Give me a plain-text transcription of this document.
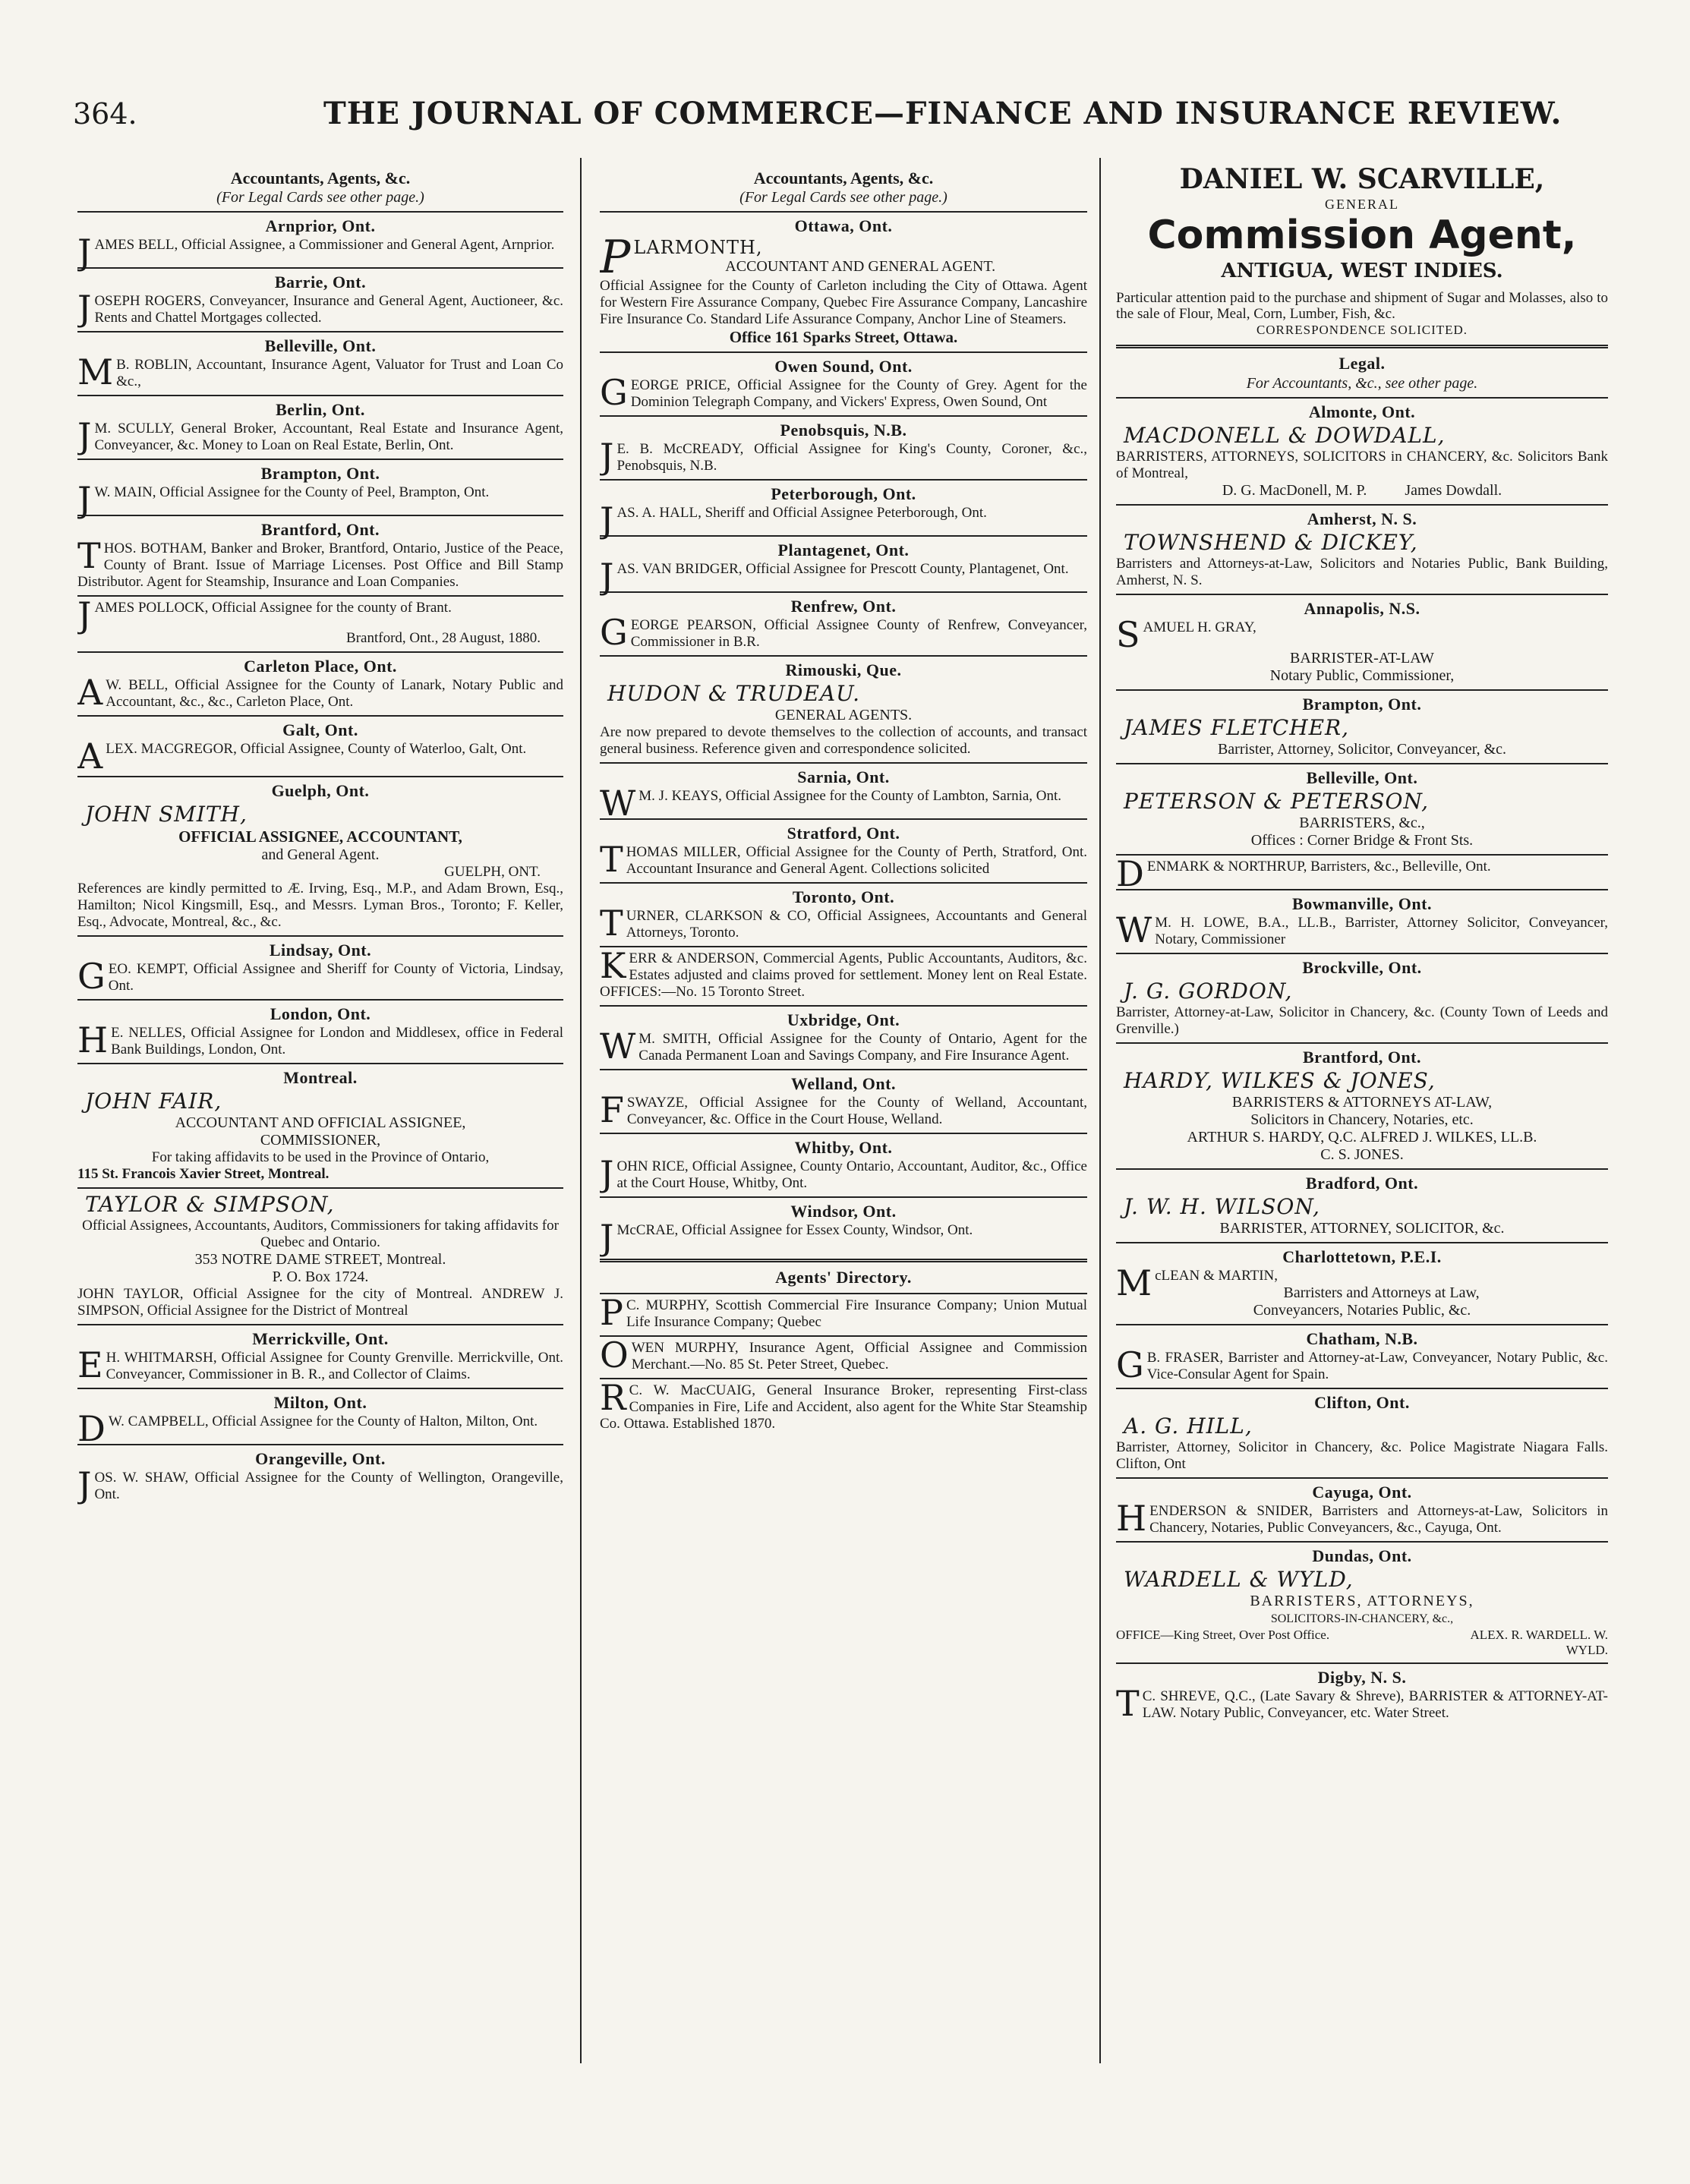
364.	THE JOURNAL OF COMMERCE—FINANCE AND INSURANCE REVIEW.
Accountants, Agents, &c.
(For Legal Cards see other page.)
Arnprior, Ont.
JAMES BELL, Official Assignee, a Commissioner and General Agent, Arnprior.
Barrie, Ont.
JOSEPH ROGERS, Conveyancer, Insurance and General Agent, Auctioneer, &c. Rents and Chattel Mortgages collected.
Belleville, Ont.
M B. ROBLIN, Accountant, Insurance Agent, Valuator for Trust and Loan Co &c.,
Berlin, Ont.
J M. SCULLY, General Broker, Accountant, Real Estate and Insurance Agent, Conveyancer, &c. Money to Loan on Real Estate, Berlin, Ont.
Brampton, Ont.
J W. MAIN, Official Assignee for the County of Peel, Brampton, Ont.
Brantford, Ont.
THOS. BOTHAM, Banker and Broker, Brantford, Ontario, Justice of the Peace, County of Brant. Issue of Marriage Licenses. Post Office and Bill Stamp Distributor. Agent for Steamship, Insurance and Loan Companies.
JAMES POLLOCK, Official Assignee for the county of Brant.
Brantford, Ont., 28 August, 1880.
Carleton Place, Ont.
A W. BELL, Official Assignee for the County of Lanark, Notary Public and Accountant, &c., &c., Carleton Place, Ont.
Galt, Ont.
ALEX. MACGREGOR, Official Assignee, County of Waterloo, Galt, Ont.
Guelph, Ont.
JOHN SMITH,
OFFICIAL ASSIGNEE, ACCOUNTANT,
and General Agent.
GUELPH, ONT.
References are kindly permitted to Æ. Irving, Esq., M.P., and Adam Brown, Esq., Hamilton; Nicol Kingsmill, Esq., and Messrs. Lyman Bros., Toronto; F. Keller, Esq., Advocate, Montreal, &c., &c.
Lindsay, Ont.
GEO. KEMPT, Official Assignee and Sheriff for County of Victoria, Lindsay, Ont.
London, Ont.
H E. NELLES, Official Assignee for London and Middlesex, office in Federal Bank Buildings, London, Ont.
Montreal.
JOHN FAIR,
ACCOUNTANT AND OFFICIAL ASSIGNEE,
COMMISSIONER,
For taking affidavits to be used in the Province of Ontario,
115 St. Francois Xavier Street, Montreal.
TAYLOR & SIMPSON,
Official Assignees, Accountants, Auditors, Commissioners for taking affidavits for Quebec and Ontario.
353 NOTRE DAME STREET, Montreal.
P. O. Box 1724.
JOHN TAYLOR, Official Assignee for the city of Montreal. ANDREW J. SIMPSON, Official Assignee for the District of Montreal
Merrickville, Ont.
E H. WHITMARSH, Official Assignee for County Grenville. Merrickville, Ont. Conveyancer, Commissioner in B. R., and Collector of Claims.
Milton, Ont.
D W. CAMPBELL, Official Assignee for the County of Halton, Milton, Ont.
Orangeville, Ont.
JOS. W. SHAW, Official Assignee for the County of Wellington, Orangeville, Ont.
Accountants, Agents, &c.
(For Legal Cards see other page.)
Ottawa, Ont.
P LARMONTH,
ACCOUNTANT AND GENERAL AGENT.
Official Assignee for the County of Carleton including the City of Ottawa. Agent for Western Fire Assurance Company, Quebec Fire Assurance Company, Lancashire Fire Insurance Co. Standard Life Assurance Company, Anchor Line of Steamers.
Office 161 Sparks Street, Ottawa.
Owen Sound, Ont.
GEORGE PRICE, Official Assignee for the County of Grey. Agent for the Dominion Telegraph Company, and Vickers' Express, Owen Sound, Ont
Penobsquis, N.B.
J E. B. McCREADY, Official Assignee for King's County, Coroner, &c., Penobsquis, N.B.
Peterborough, Ont.
JAS. A. HALL, Sheriff and Official Assignee Peterborough, Ont.
Plantagenet, Ont.
JAS. VAN BRIDGER, Official Assignee for Prescott County, Plantagenet, Ont.
Renfrew, Ont.
GEORGE PEARSON, Official Assignee County of Renfrew, Conveyancer, Commissioner in B.R.
Rimouski, Que.
HUDON & TRUDEAU.
GENERAL AGENTS.
Are now prepared to devote themselves to the collection of accounts, and transact general business. Reference given and correspondence solicited.
Sarnia, Ont.
W M. J. KEAYS, Official Assignee for the County of Lambton, Sarnia, Ont.
Stratford, Ont.
THOMAS MILLER, Official Assignee for the County of Perth, Stratford, Ont. Accountant Insurance and General Agent. Collections solicited
Toronto, Ont.
TURNER, CLARKSON & CO, Official Assignees, Accountants and General Attorneys, Toronto.
KERR & ANDERSON, Commercial Agents, Public Accountants, Auditors, &c. Estates adjusted and claims proved for settlement. Money lent on Real Estate. OFFICES:—No. 15 Toronto Street.
Uxbridge, Ont.
W M. SMITH, Official Assignee for the County of Ontario, Agent for the Canada Permanent Loan and Savings Company, and Fire Insurance Agent.
Welland, Ont.
FSWAYZE, Official Assignee for the County of Welland, Accountant, Conveyancer, &c. Office in the Court House, Welland.
Whitby, Ont.
JOHN RICE, Official Assignee, County Ontario, Accountant, Auditor, &c., Office at the Court House, Whitby, Ont.
Windsor, Ont.
J McCRAE, Official Assignee for Essex County, Windsor, Ont.
Agents' Directory.
P C. MURPHY, Scottish Commercial Fire Insurance Company; Union Mutual Life Insurance Company; Quebec
OWEN MURPHY, Insurance Agent, Official Assignee and Commission Merchant.—No. 85 St. Peter Street, Quebec.
R C. W. MacCUAIG, General Insurance Broker, representing First-class Companies in Fire, Life and Accident, also agent for the White Star Steamship Co. Ottawa. Established 1870.
DANIEL W. SCARVILLE,
GENERAL
Commission Agent,
ANTIGUA, WEST INDIES.
Particular attention paid to the purchase and shipment of Sugar and Molasses, also to the sale of Flour, Meal, Corn, Lumber, Fish, &c.
CORRESPONDENCE SOLICITED.
Legal.
For Accountants, &c., see other page.
Almonte, Ont.
MACDONELL & DOWDALL,
BARRISTERS, ATTORNEYS, SOLICITORS in CHANCERY, &c. Solicitors Bank of Montreal,
D. G. MacDonell, M. P.          James Dowdall.
Amherst, N. S.
TOWNSHEND & DICKEY,
Barristers and Attorneys-at-Law, Solicitors and Notaries Public, Bank Building, Amherst, N. S.
Annapolis, N.S.
SAMUEL H. GRAY,
BARRISTER-AT-LAW
Notary Public, Commissioner,
Brampton, Ont.
JAMES FLETCHER,
Barrister, Attorney, Solicitor, Conveyancer, &c.
Belleville, Ont.
PETERSON & PETERSON,
BARRISTERS, &c.,
Offices : Corner Bridge & Front Sts.
DENMARK & NORTHRUP, Barristers, &c., Belleville, Ont.
Bowmanville, Ont.
W M. H. LOWE, B.A., LL.B., Barrister, Attorney Solicitor, Conveyancer, Notary, Commissioner
Brockville, Ont.
J. G. GORDON,
Barrister, Attorney-at-Law, Solicitor in Chancery, &c. (County Town of Leeds and Grenville.)
Brantford, Ont.
HARDY, WILKES & JONES,
BARRISTERS & ATTORNEYS AT-LAW,
Solicitors in Chancery, Notaries, etc.
ARTHUR S. HARDY, Q.C. ALFRED J. WILKES, LL.B.
C. S. JONES.
Bradford, Ont.
J. W. H. WILSON,
BARRISTER, ATTORNEY, SOLICITOR, &c.
Charlottetown, P.E.I.
McLEAN & MARTIN,
Barristers and Attorneys at Law,
Conveyancers, Notaries Public, &c.
Chatham, N.B.
G B. FRASER, Barrister and Attorney-at-Law, Conveyancer, Notary Public, &c. Vice-Consular Agent for Spain.
Clifton, Ont.
A. G. HILL,
Barrister, Attorney, Solicitor in Chancery, &c. Police Magistrate Niagara Falls. Clifton, Ont
Cayuga, Ont.
HENDERSON & SNIDER, Barristers and Attorneys-at-Law, Solicitors in Chancery, Notaries, Public Conveyancers, &c., Cayuga, Ont.
Dundas, Ont.
WARDELL & WYLD,
BARRISTERS, ATTORNEYS,
SOLICITORS-IN-CHANCERY, &c.,
OFFICE—King Street, Over Post Office.	ALEX. R. WARDELL. W. WYLD.
Digby, N. S.
T C. SHREVE, Q.C., (Late Savary & Shreve), BARRISTER & ATTORNEY-AT-LAW. Notary Public, Conveyancer, etc. Water Street.
